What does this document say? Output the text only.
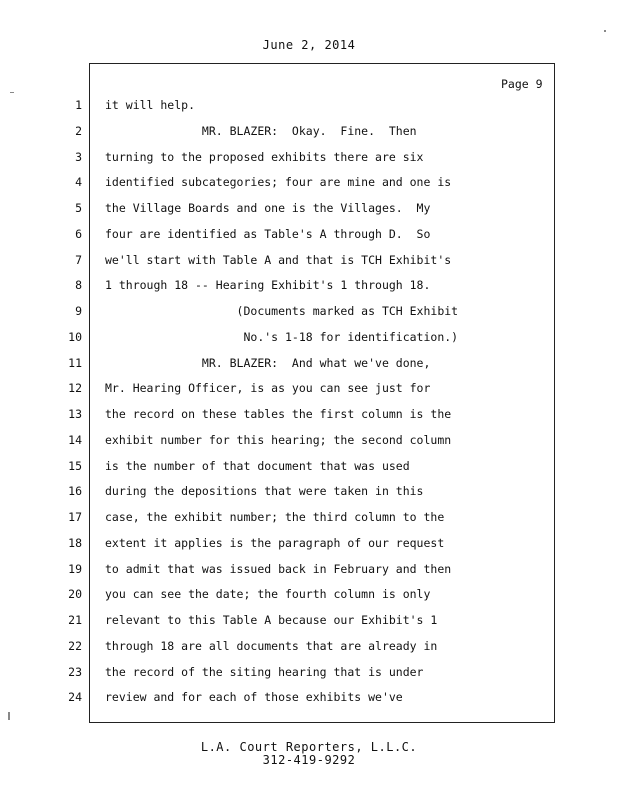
June 2, 2014
Page 9
1 it will help.
2 MR. BLAZER:  Okay.  Fine.  Then
3 turning to the proposed exhibits there are six
4 identified subcategories; four are mine and one is
5 the Village Boards and one is the Villages.  My
6 four are identified as Table's A through D.  So
7 we'll start with Table A and that is TCH Exhibit's
8 1 through 18 -- Hearing Exhibit's 1 through 18.
9 (Documents marked as TCH Exhibit
10 No.'s 1-18 for identification.)
11 MR. BLAZER:  And what we've done,
12 Mr. Hearing Officer, is as you can see just for
13 the record on these tables the first column is the
14 exhibit number for this hearing; the second column
15 is the number of that document that was used
16 during the depositions that were taken in this
17 case, the exhibit number; the third column to the
18 extent it applies is the paragraph of our request
19 to admit that was issued back in February and then
20 you can see the date; the fourth column is only
21 relevant to this Table A because our Exhibit's 1
22 through 18 are all documents that are already in
23 the record of the siting hearing that is under
24 review and for each of those exhibits we've
L.A. Court Reporters, L.L.C.
312-419-9292
